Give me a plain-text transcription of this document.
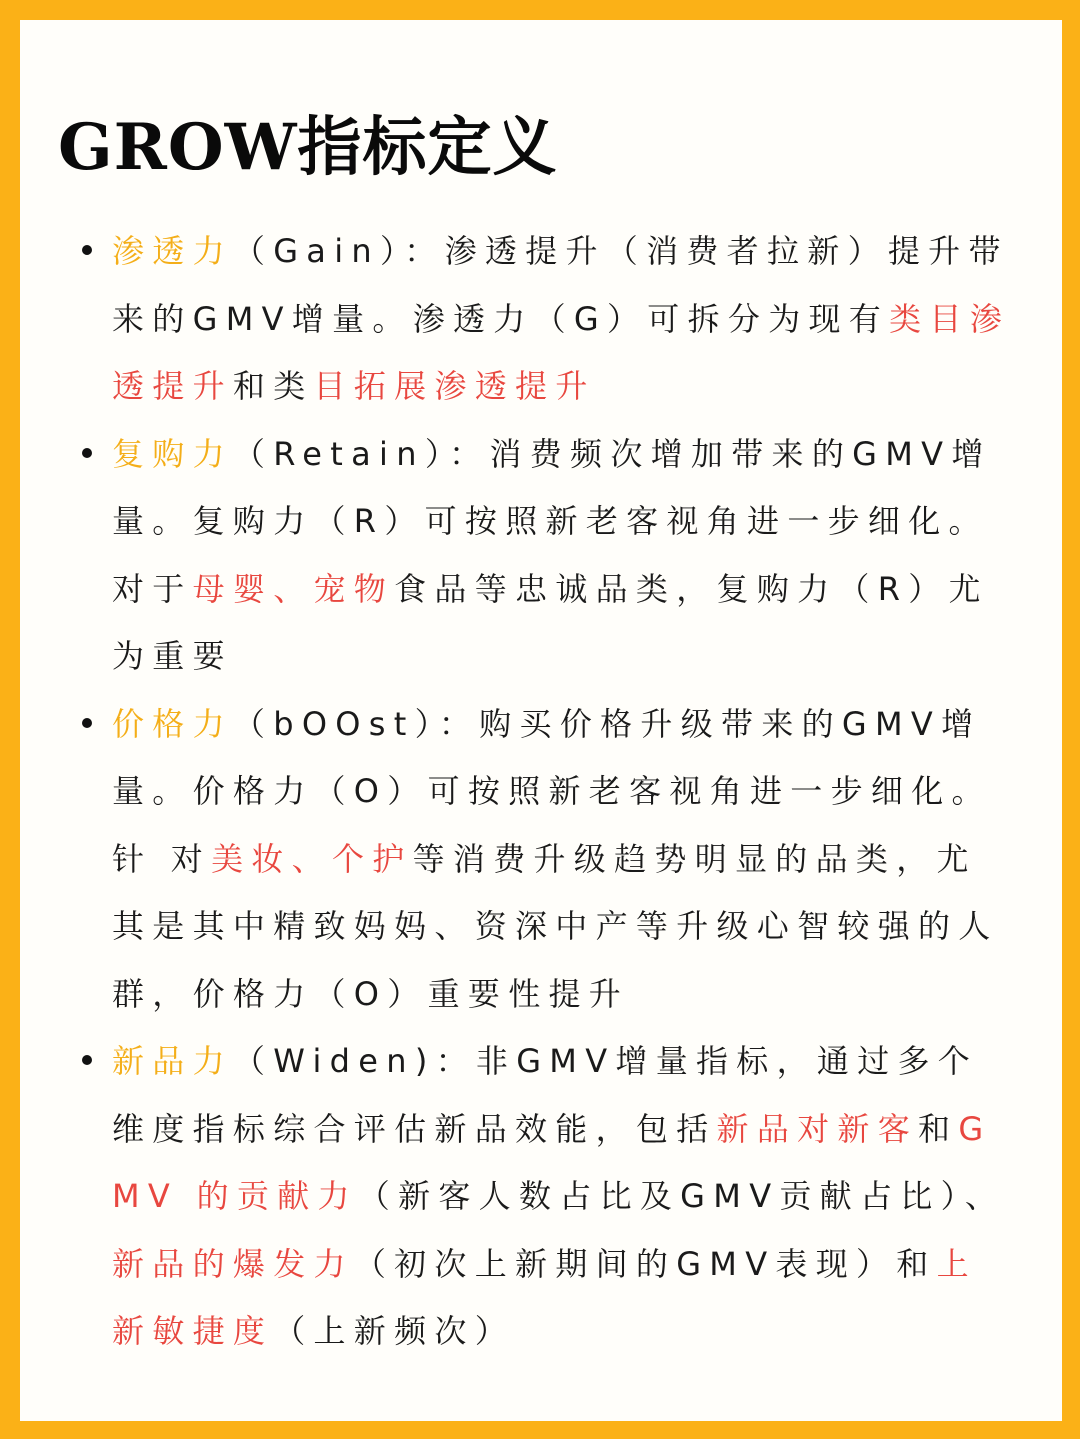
GROW指标定义
渗透力（Gain）：渗透提升（消费者拉新）提升带来的GMV增量。渗透力（G）可拆分为现有类目渗透提升和类目拓展渗透提升
复购力（Retain）：消费频次增加带来的GMV增量。复购力（R）可按照新老客视角进一步细化。对于母婴、宠物食品等忠诚品类，复购力（R）尤为重要
价格力（bOOst）：购买价格升级带来的GMV增量。价格力（O）可按照新老客视角进一步细化。针 对美妆、个护等消费升级趋势明显的品类，尤其是其中精致妈妈、资深中产等升级心智较强的人群，价格力（O）重要性提升
新品力（Widen)：非GMV增量指标，通过多个维度指标综合评估新品效能，包括新品对新客和GMV 的贡献力（新客人数占比及GMV贡献占比）、新品的爆发力（初次上新期间的GMV表现）和上新敏捷度（上新频次）
